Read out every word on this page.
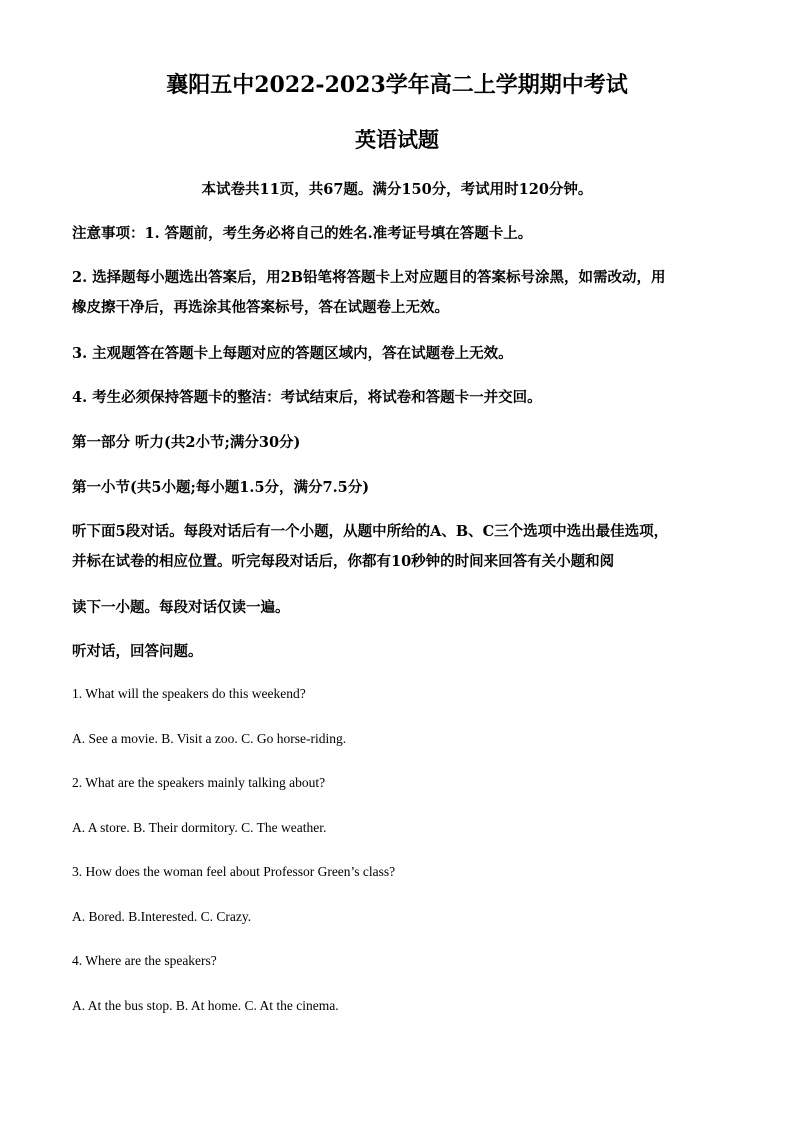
襄阳五中2022-2023学年高二上学期期中考试
英语试题
本试卷共11页，共67题。满分150分，考试用时120分钟。
注意事项：1. 答题前，考生务必将自己的姓名.准考证号填在答题卡上。
2. 选择题每小题选出答案后，用2B铅笔将答题卡上对应题目的答案标号涂黑，如需改动，用
橡皮擦干净后，再选涂其他答案标号，答在试题卷上无效。
3. 主观题答在答题卡上每题对应的答题区域内，答在试题卷上无效。
4. 考生必须保持答题卡的整洁：考试结束后，将试卷和答题卡一并交回。
第一部分 听力(共2小节;满分30分)
第一小节(共5小题;每小题1.5分，满分7.5分)
听下面5段对话。每段对话后有一个小题，从题中所给的A、B、C三个选项中选出最佳选项，
并标在试卷的相应位置。听完每段对话后，你都有10秒钟的时间来回答有关小题和阅
读下一小题。每段对话仅读一遍。
听对话，回答问题。
1. What will the speakers do this weekend?
A. See a movie. B. Visit a zoo. C. Go horse-riding.
2. What are the speakers mainly talking about?
A. A store. B. Their dormitory. C. The weather.
3. How does the woman feel about Professor Green’s class?
A. Bored. B.Interested. C. Crazy.
4. Where are the speakers?
A. At the bus stop. B. At home. C. At the cinema.
